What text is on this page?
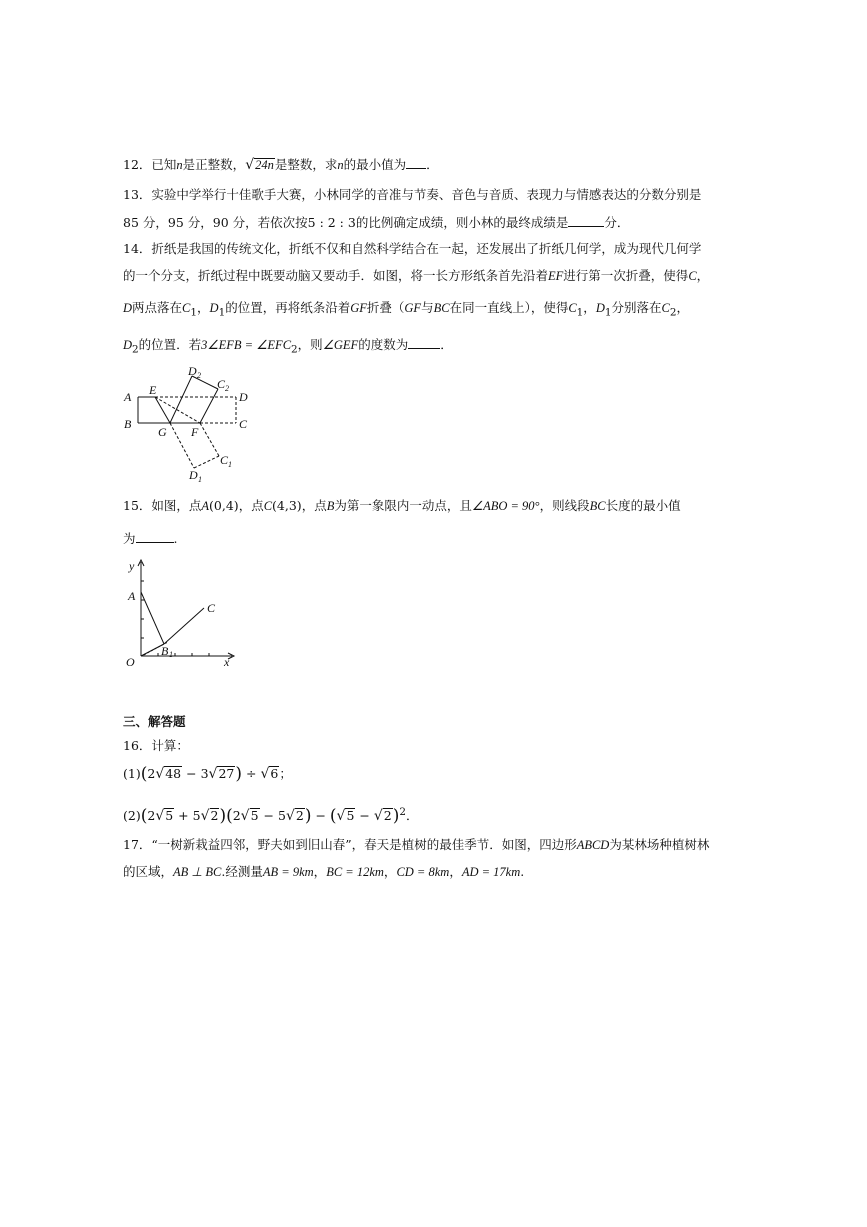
12．已知n是正整数，√24n是整数，求n的最小值为 ．
13．实验中学举行十佳歌手大赛，小林同学的音准与节奏、音色与音质、表现力与情感表达的分数分别是
85 分，95 分，90 分，若依次按5 : 2 : 3的比例确定成绩，则小林的最终成绩是	分．
14．折纸是我国的传统文化，折纸不仅和自然科学结合在一起，还发展出了折纸几何学，成为现代几何学
的一个分支，折纸过程中既要动脑又要动手．如图，将一长方形纸条首先沿着EF进行第一次折叠，使得C，
D两点落在$C_1$，$D_1$的位置，再将纸条沿着GF折叠（GF与BC在同一直线上），使得$C_1$，$D_1$分别落在$C_2$，
$D_2$的位置．若3∠EFB = $\angle EFC_2$，则∠GEF的度数为	．
A
B
E
G F
D
C
D 2
C 2
C 1
D 1
15．如图，点A(0,4)，点C(4,3)，点B为第一象限内一动点，且∠ABO = 90°，则线段BC长度的最小值
为	.
y
A
C
O
B 1
x
三、解答题
16．计算：
(1)(2√48 − 3√27) ÷ √6；
$(2)(2√5 + 5√2)(2√5 - 5√2) - (√5 - √2)^2$．
17．“一树新栽益四邻，野夫如到旧山春”，春天是植树的最佳季节．如图，四边形ABCD为某林场种植树林
的区域，AB ⊥ BC.经测量AB = 9km，BC = 12km，CD = 8km，AD = 17km.
